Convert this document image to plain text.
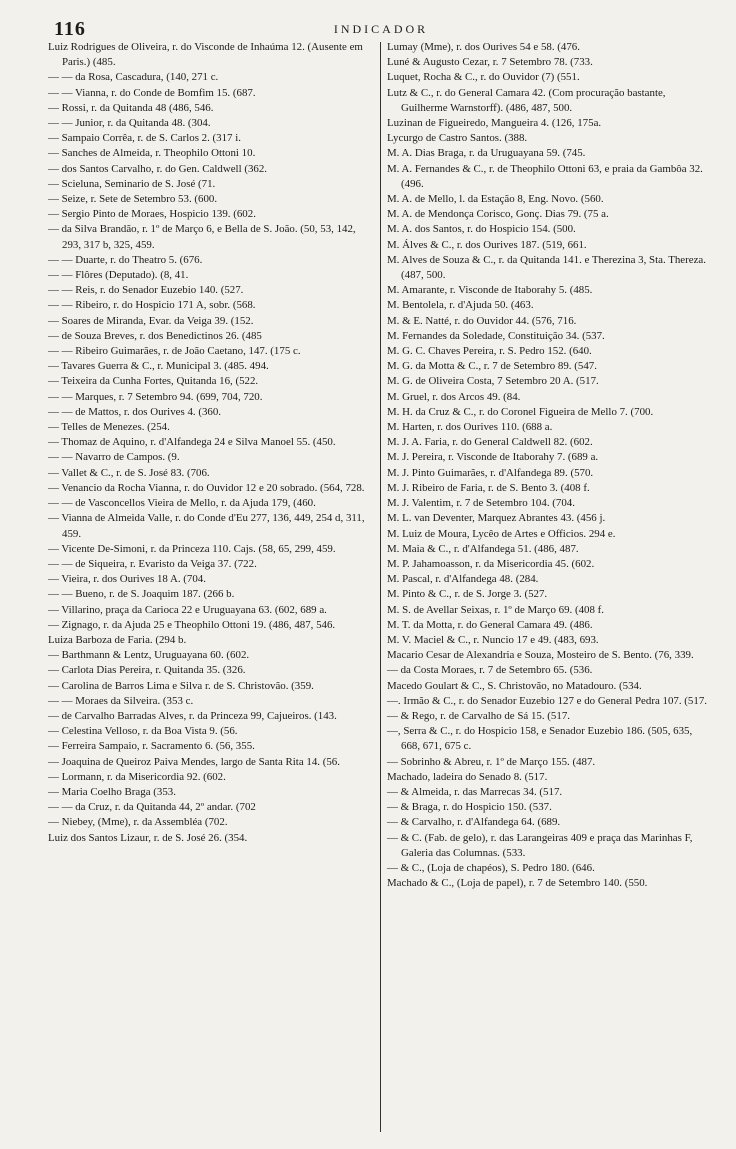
116	INDICADOR

Luiz Rodrigues de Oliveira, r. do Visconde de Inhaúma 12. (Ausente em Paris.) (485.

— — da Rosa, Cascadura, (140, 271 c.

— — Vianna, r. do Conde de Bomfim 15. (687.

— Rossi, r. da Quitanda 48 (486, 546.

— — Junior, r. da Quitanda 48. (304.

— Sampaio Corrêa, r. de S. Carlos 2. (317 i.

— Sanches de Almeida, r. Theophilo Ottoni 10.

— dos Santos Carvalho, r. do Gen. Caldwell (362.

— Scieluna, Seminario de S. José (71.

— Seize, r. Sete de Setembro 53. (600.

— Sergio Pinto de Moraes, Hospicio 139. (602.

— da Silva Brandão, r. 1º de Março 6, e Bella de S. João. (50, 53, 142, 293, 317 b, 325, 459.

— — Duarte, r. do Theatro 5. (676.

— — Flôres (Deputado). (8, 41.

— — Reis, r. do Senador Euzebio 140. (527.

— — Ribeiro, r. do Hospicio 171 A, sobr. (568.

— Soares de Miranda, Evar. da Veiga 39. (152.

— de Souza Breves, r. dos Benedictinos 26. (485

— — Ribeiro Guimarães, r. de João Caetano, 147. (175 c.

— Tavares Guerra & C., r. Municipal 3. (485. 494.

— Teixeira da Cunha Fortes, Quitanda 16, (522.

— — Marques, r. 7 Setembro 94. (699, 704, 720.

— — de Mattos, r. dos Ourives 4. (360.

— Telles de Menezes. (254.

— Thomaz de Aquino, r. d'Alfandega 24 e Silva Manoel 55. (450.

— — Navarro de Campos. (9.

— Vallet & C., r. de S. José 83. (706.

— Venancio da Rocha Vianna, r. do Ouvidor 12 e 20 sobrado. (564, 728.

— — de Vasconcellos Vieira de Mello, r. da Ajuda 179, (460.

— Vianna de Almeida Valle, r. do Conde d'Eu 277, 136, 449, 254 d, 311, 459.

— Vicente De-Simoni, r. da Princeza 110. Cajs. (58, 65, 299, 459.

— — de Siqueira, r. Evaristo da Veiga 37. (722.

— Vieira, r. dos Ourives 18 A. (704.

— — Bueno, r. de S. Joaquim 187. (266 b.

— Villarino, praça da Carioca 22 e Uruguayana 63. (602, 689 a.

— Zignago, r. da Ajuda 25 e Theophilo Ottoni 19. (486, 487, 546.

Luiza Barboza de Faria. (294 b.

— Barthmann & Lentz, Uruguayana 60. (602.

— Carlota Dias Pereira, r. Quitanda 35. (326.

— Carolina de Barros Lima e Silva r. de S. Christovão. (359.

— — Moraes da Silveira. (353 c.

— de Carvalho Barradas Alves, r. da Princeza 99, Cajueiros. (143.

— Celestina Velloso, r. da Boa Vista 9. (56.

— Ferreira Sampaio, r. Sacramento 6. (56, 355.

— Joaquina de Queiroz Paiva Mendes, largo de Santa Rita 14. (56.

— Lormann, r. da Misericordia 92. (602.

— Maria Coelho Braga (353.

— — da Cruz, r. da Quitanda 44, 2º andar. (702

— Niebey, (Mme), r. da Assembléa (702.

Luiz dos Santos Lizaur, r. de S. José 26. (354.

Lumay (Mme), r. dos Ourives 54 e 58. (476.

Luné & Augusto Cezar, r. 7 Setembro 78. (733.

Luquet, Rocha & C., r. do Ouvidor (7) (551.

Lutz & C., r. do General Camara 42. (Com procuração bastante, Guilherme Warnstorff). (486, 487, 500.

Luzinan de Figueiredo, Mangueira 4. (126, 175a.

Lycurgo de Castro Santos. (388.

M. A. Dias Braga, r. da Uruguayana 59. (745.

M. A. Fernandes & C., r. de Theophilo Ottoni 63, e praia da Gambôa 32. (496.

M. A. de Mello, l. da Estação 8, Eng. Novo. (560.

M. A. de Mendonça Corisco, Gonç. Dias 79. (75 a.

M. A. dos Santos, r. do Hospicio 154. (500.

M. Álves & C., r. dos Ourives 187. (519, 661.

M. Alves de Souza & C., r. da Quitanda 141. e Therezina 3, Sta. Thereza. (487, 500.

M. Amarante, r. Visconde de Itaborahy 5. (485.

M. Bentolela, r. d'Ajuda 50. (463.

M. & E. Natté, r. do Ouvidor 44. (576, 716.

M. Fernandes da Soledade, Constituição 34. (537.

M. G. C. Chaves Pereira, r. S. Pedro 152. (640.

M. G. da Motta & C., r. 7 de Setembro 89. (547.

M. G. de Oliveira Costa, 7 Setembro 20 A. (517.

M. Gruel, r. dos Arcos 49. (84.

M. H. da Cruz & C., r. do Coronel Figueira de Mello 7. (700.

M. Harten, r. dos Ourives 110. (688 a.

M. J. A. Faria, r. do General Caldwell 82. (602.

M. J. Pereira, r. Visconde de Itaborahy 7. (689 a.

M. J. Pinto Guimarães, r. d'Alfandega 89. (570.

M. J. Ribeiro de Faria, r. de S. Bento 3. (408 f.

M. J. Valentim, r. 7 de Setembro 104. (704.

M. L. van Deventer, Marquez Abrantes 43. (456 j.

M. Luiz de Moura, Lycêo de Artes e Officios. 294 e.

M. Maia & C., r. d'Alfandega 51. (486, 487.

M. P. Jahamoasson, r. da Misericordia 45. (602.

M. Pascal, r. d'Alfandega 48. (284.

M. Pinto & C., r. de S. Jorge 3. (527.

M. S. de Avellar Seixas, r. 1º de Março 69. (408 f.

M. T. da Motta, r. do General Camara 49. (486.

M. V. Maciel & C., r. Nuncio 17 e 49. (483, 693.

Macario Cesar de Alexandria e Souza, Mosteiro de S. Bento. (76, 339.

— da Costa Moraes, r. 7 de Setembro 65. (536.

Macedo Goulart & C., S. Christovão, no Matadouro. (534.

—. Irmão & C., r. do Senador Euzebio 127 e do General Pedra 107. (517.

— & Rego, r. de Carvalho de Sá 15. (517.

—, Serra & C., r. do Hospicio 158, e Senador Euzebio 186. (505, 635, 668, 671, 675 c.

— Sobrinho & Abreu, r. 1º de Março 155. (487.

Machado, ladeira do Senado 8. (517.

— & Almeida, r. das Marrecas 34. (517.

— & Braga, r. do Hospicio 150. (537.

— & Carvalho, r. d'Alfandega 64. (689.

— & C. (Fab. de gelo), r. das Larangeiras 409 e praça das Marinhas F, Galeria das Columnas. (533.

— & C., (Loja de chapéos), S. Pedro 180. (646.

Machado & C., (Loja de papel), r. 7 de Setembro 140. (550.
